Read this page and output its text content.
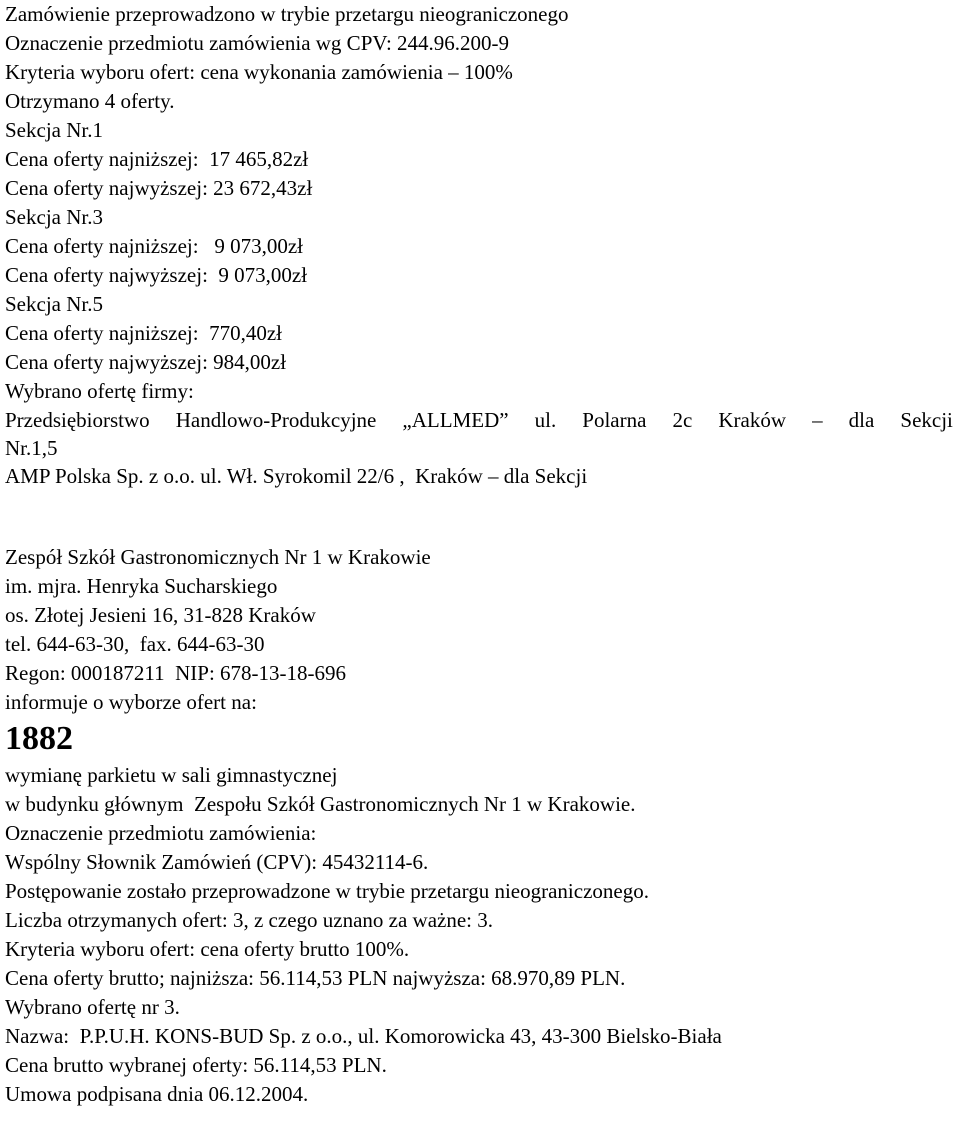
Zamówienie przeprowadzono w trybie przetargu nieograniczonego
Oznaczenie przedmiotu zamówienia wg CPV: 244.96.200-9
Kryteria wyboru ofert: cena wykonania zamówienia – 100%
Otrzymano 4 oferty.
Sekcja Nr.1
Cena oferty najniższej:  17 465,82zł
Cena oferty najwyższej: 23 672,43zł
Sekcja Nr.3
Cena oferty najniższej:   9 073,00zł
Cena oferty najwyższej:  9 073,00zł
Sekcja Nr.5
Cena oferty najniższej:  770,40zł
Cena oferty najwyższej: 984,00zł
Wybrano ofertę firmy:
Przedsiębiorstwo Handlowo-Produkcyjne „ALLMED” ul. Polarna 2c Kraków – dla Sekcji
Nr.1,5
AMP Polska Sp. z o.o. ul. Wł. Syrokomil 22/6 ,  Kraków – dla Sekcji
Zespół Szkół Gastronomicznych Nr 1 w Krakowie
im. mjra. Henryka Sucharskiego
os. Złotej Jesieni 16, 31-828 Kraków
tel. 644-63-30,  fax. 644-63-30
Regon: 000187211  NIP: 678-13-18-696
informuje o wyborze ofert na:
1882
wymianę parkietu w sali gimnastycznej
w budynku głównym  Zespołu Szkół Gastronomicznych Nr 1 w Krakowie.
Oznaczenie przedmiotu zamówienia:
Wspólny Słownik Zamówień (CPV): 45432114-6.
Postępowanie zostało przeprowadzone w trybie przetargu nieograniczonego.
Liczba otrzymanych ofert: 3, z czego uznano za ważne: 3.
Kryteria wyboru ofert: cena oferty brutto 100%.
Cena oferty brutto; najniższa: 56.114,53 PLN najwyższa: 68.970,89 PLN.
Wybrano ofertę nr 3.
Nazwa:  P.P.U.H. KONS-BUD Sp. z o.o., ul. Komorowicka 43, 43-300 Bielsko-Biała
Cena brutto wybranej oferty: 56.114,53 PLN.
Umowa podpisana dnia 06.12.2004.
